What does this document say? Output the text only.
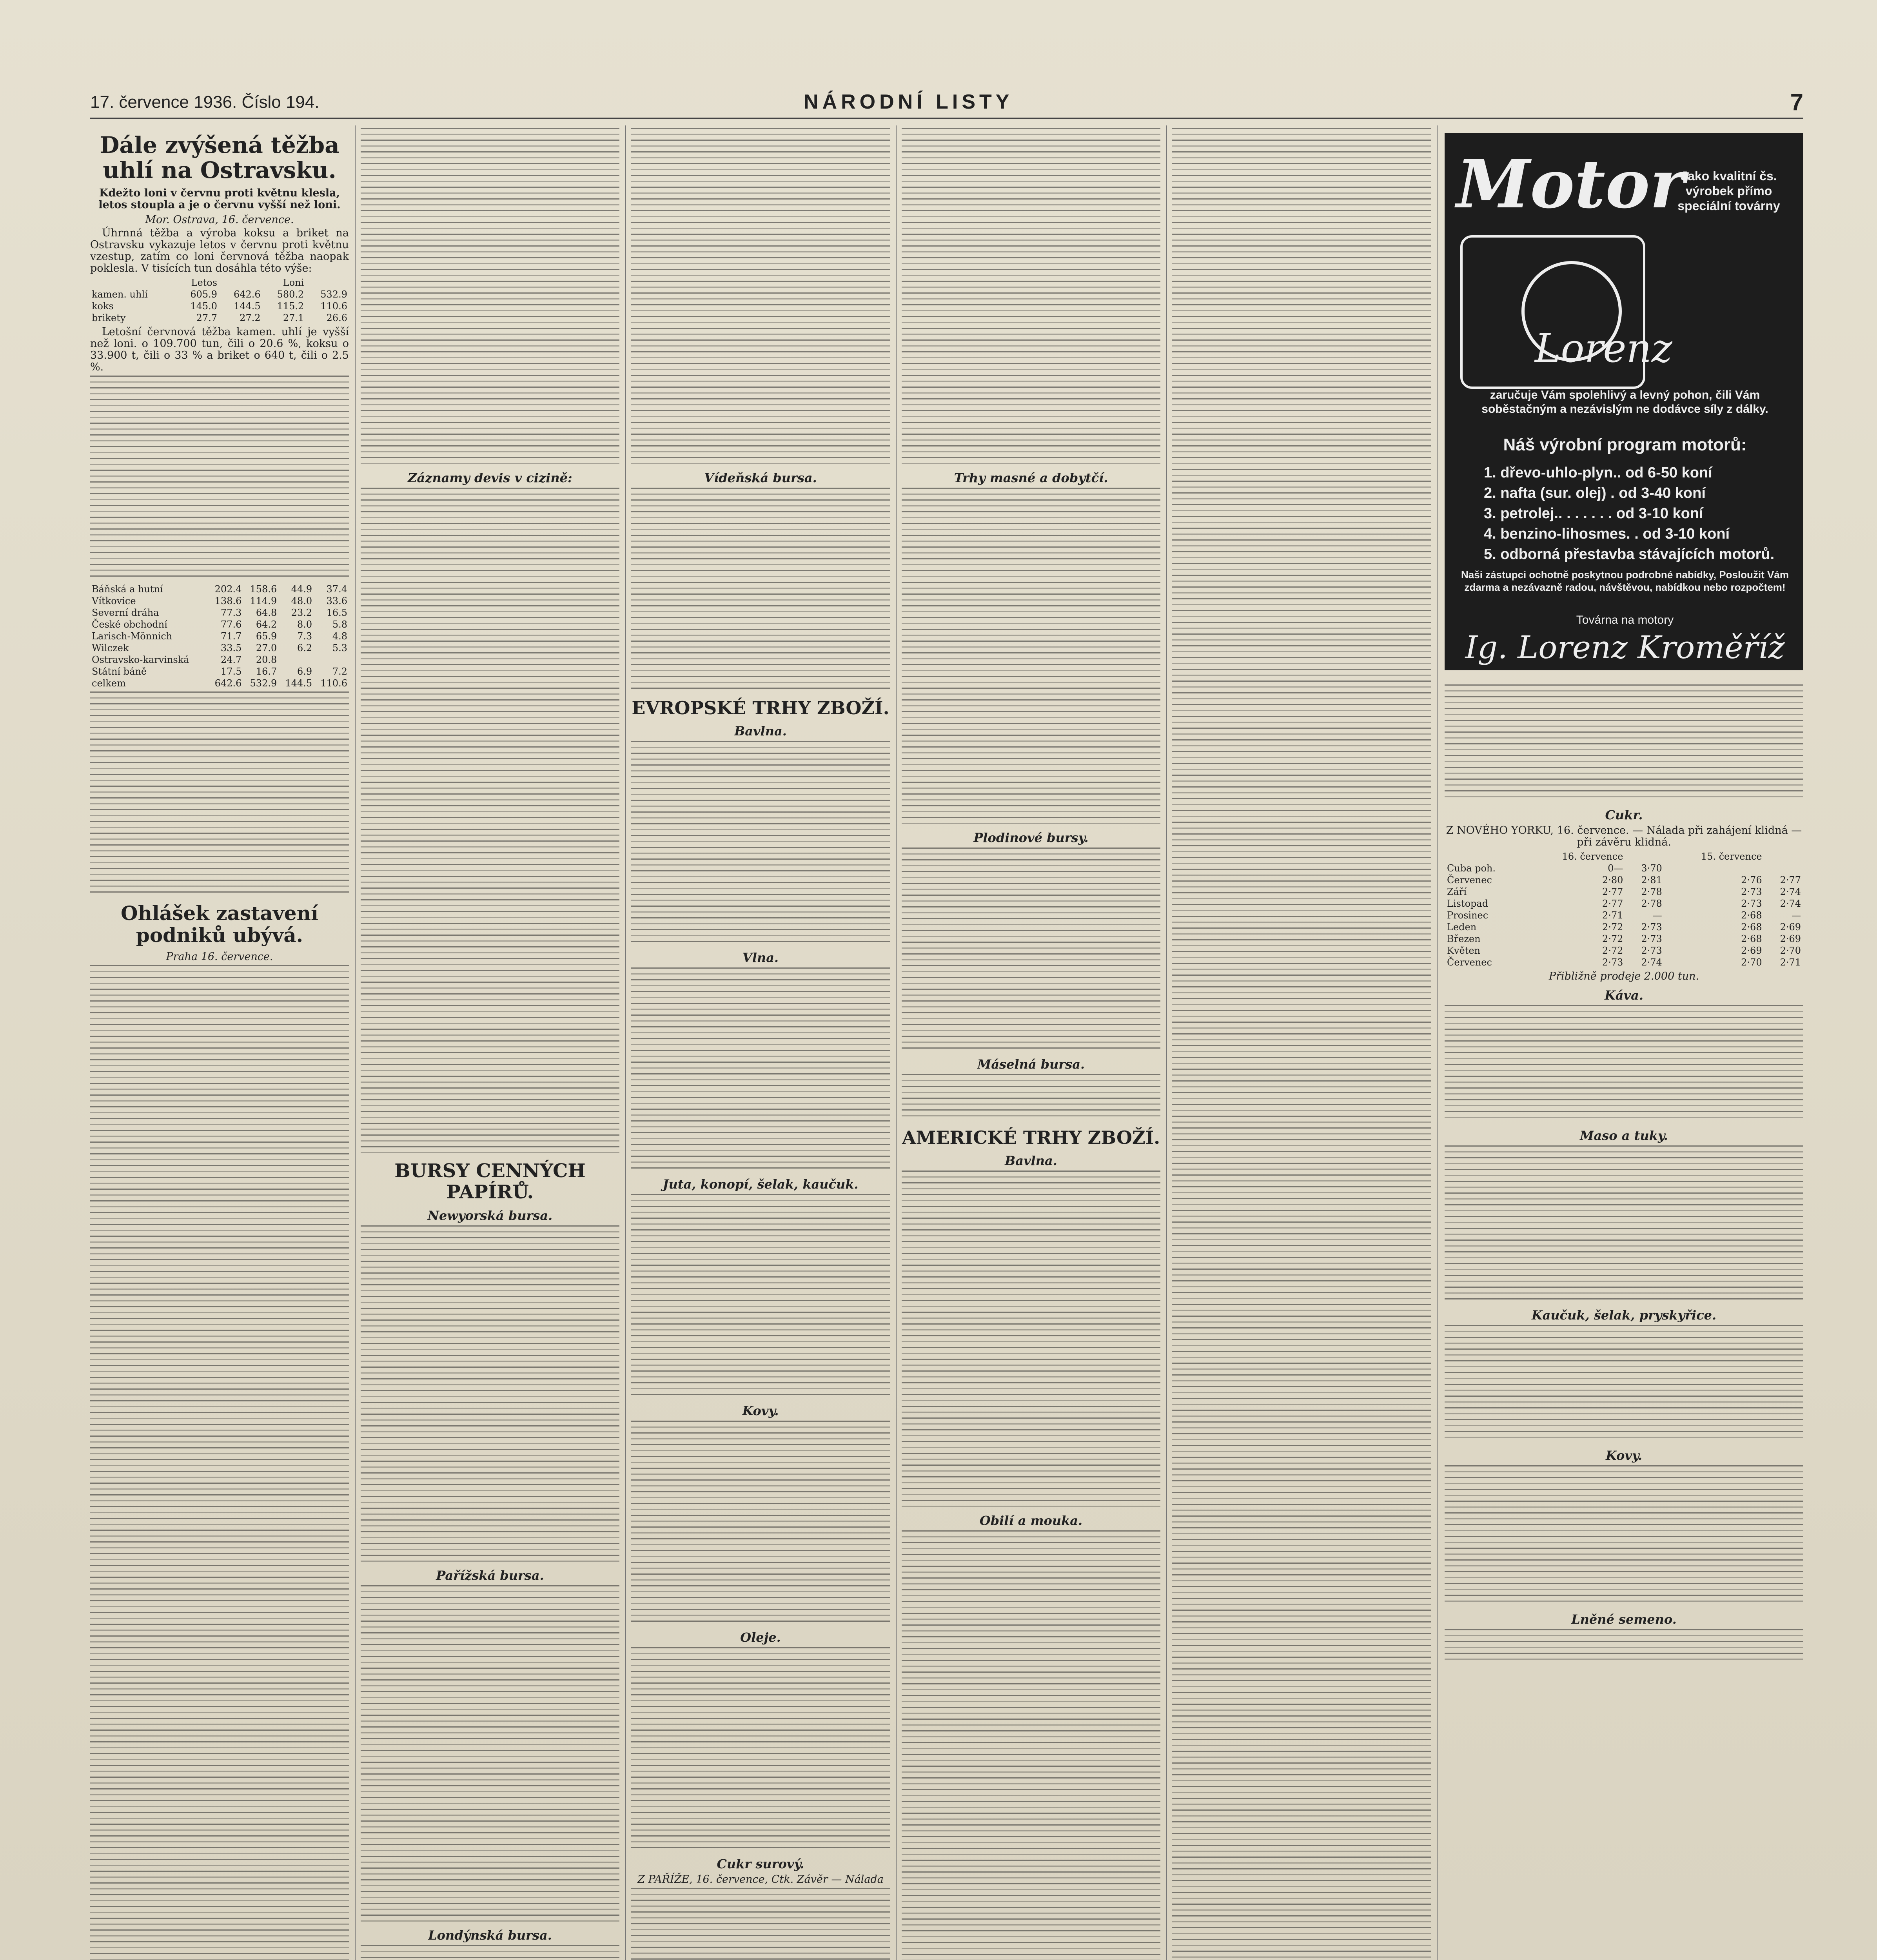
17. července 1936. Číslo 194.	NÁRODNÍ LISTY	7
Dále zvýšená těžba uhlí na Ostravsku.
Kdežto loni v červnu proti květnu klesla, letos stoupla a je o červnu vyšší než loni.
Mor. Ostrava, 16. července.

Úhrnná těžba a výroba koksu a briket na Ostravsku vykazuje letos v červnu proti květnu vzestup, zatím co loni červnová těžba naopak poklesla. V tisících tun dosáhla této výše:

	Letos		Loni	
kamen. uhlí	605.9	642.6	580.2	532.9
koks	145.0	144.5	115.2	110.6
brikety	27.7	27.2	27.1	26.6

Letošní červnová těžba kamen. uhlí je vyšší než loni. o 109.700 tun, čili o 20.6 %, koksu o 33.900 t, čili o 33 % a briket o 640 t, čili o 2.5 %.

Báňská a hutní	202.4	158.6	44.9	37.4
Vítkovice	138.6	114.9	48.0	33.6
Severní dráha	77.3	64.8	23.2	16.5
České obchodní	77.6	64.2	8.0	5.8
Larisch-Mönnich	71.7	65.9	7.3	4.8
Wilczek	33.5	27.0	6.2	5.3
Ostravsko-karvinská	24.7	20.8		
Státní báně	17.5	16.7	6.9	7.2
celkem	642.6	532.9	144.5	110.6
Ohlášek zastavení podniků ubývá.
Praha 16. července.
Záznamy devis v cizině:
BURSY CENNÝCH PAPÍRŮ.
Newyorská bursa.
Pařížská bursa.
Londýnská bursa.
Vídeňská bursa.
EVROPSKÉ TRHY ZBOŽÍ.
Bavlna.
Vlna.
Juta, konopí, šelak, kaučuk.
Kovy.
Oleje.
Cukr surový.
Z PAŘÍŽE, 16. července, Ctk. Závěr — Nálada
Trhy masné a dobytčí.
Plodinové bursy.
Máselná bursa.
AMERICKÉ TRHY ZBOŽÍ.
Bavlna.
Obilí a mouka.
Cukr.
Z NOVÉHO YORKU, 16. července. — Nálada při zahájení klidná — při závěru klidná.
	16. července		15. července	
Cuba poh.	0—	3·70		
Červenec	2·80	2·81	2·76	2·77
Září	2·77	2·78	2·73	2·74
Listopad	2·77	2·78	2·73	2·74
Prosinec	2·71	—	2·68	—
Leden	2·72	2·73	2·68	2·69
Březen	2·72	2·73	2·68	2·69
Květen	2·72	2·73	2·69	2·70
Červenec	2·73	2·74	2·70	2·71
Přibližně prodeje 2.000 tun.
Káva.
Maso a tuky.
Kaučuk, šelak, pryskyřice.
Kovy.
Lněné semeno.
Motor
Lorenz
Jako kvalitní čs. výrobek přímo speciální továrny
zaručuje Vám spolehlivý a levný pohon, čili Vám soběstačným a nezávislým ne dodávce síly z dálky.
Náš výrobní program motorů:
1. dřevo-uhlo-plyn.. od 6-50 koní
2. nafta (sur. olej) . od 3-40 koní
3. petrolej.. . . . . . . od 3-10 koní
4. benzino-lihosmes. . od 3-10 koní
5. odborná přestavba stávajících motorů.
Naši zástupci ochotně poskytnou podrobné nabídky, Posloužit Vám zdarma a nezávazně radou, návštěvou, nabídkou nebo rozpočtem!
Továrna na motory
Ig. Lorenz Kroměříž
